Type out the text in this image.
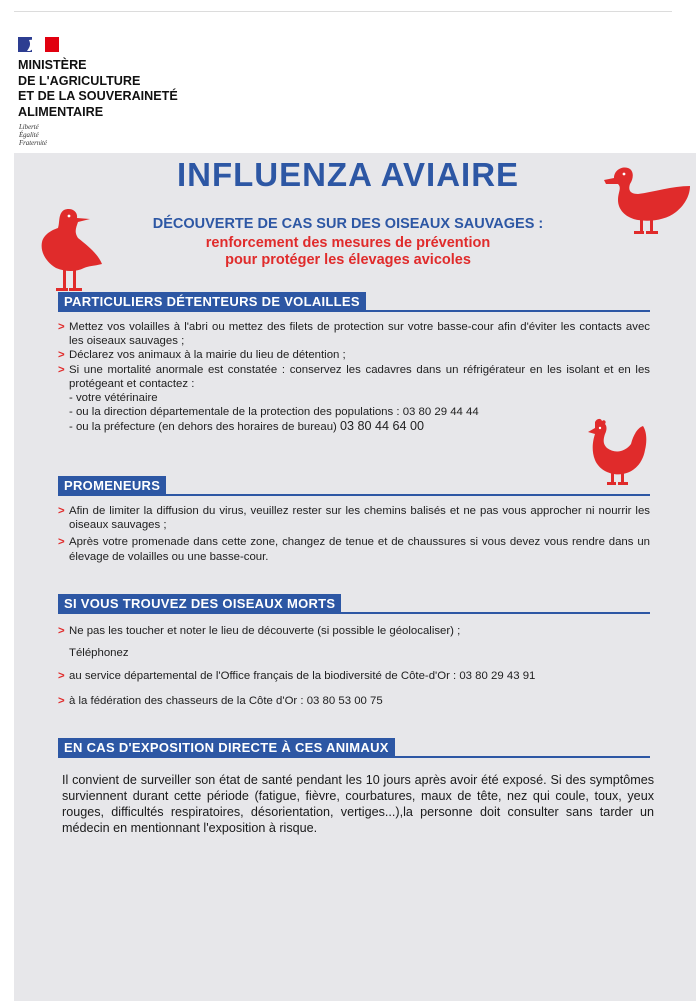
MINISTÈRE
DE L'AGRICULTURE
ET DE LA SOUVERAINETÉ
ALIMENTAIRE
Liberté
Égalité
Fraternité
INFLUENZA AVIAIRE
DÉCOUVERTE DE CAS SUR DES OISEAUX SAUVAGES :
renforcement des mesures de prévention
pour protéger les élevages avicoles
PARTICULIERS DÉTENTEURS DE VOLAILLES
> Mettez vos volailles à l'abri ou mettez des filets de protection sur votre basse-cour afin d'éviter les contacts avec les oiseaux sauvages ;
> Déclarez vos animaux à la mairie du lieu de détention ;
> Si une mortalité anormale est constatée : conservez les cadavres dans un réfrigérateur en les isolant et en les protégeant et contactez :
- votre vétérinaire
- ou la direction départementale de la protection des populations : 03 80 29 44 44
- ou la préfecture (en dehors des horaires de bureau) 03 80 44 64 00
PROMENEURS
> Afin de limiter la diffusion du virus, veuillez rester sur les chemins balisés et ne pas vous approcher ni nourrir les oiseaux sauvages ;
> Après votre promenade dans cette zone, changez de tenue et de chaussures si vous devez vous rendre dans un élevage de volailles ou une basse-cour.
SI VOUS TROUVEZ DES OISEAUX MORTS
> Ne pas les toucher et noter le lieu de découverte (si possible le géolocaliser) ;
Téléphonez
> au service départemental de l'Office français de la biodiversité de Côte-d'Or : 03 80 29 43 91
> à la fédération des chasseurs de la Côte d'Or : 03 80 53 00 75
EN CAS D'EXPOSITION DIRECTE À CES ANIMAUX
Il convient de surveiller son état de santé pendant les 10 jours après avoir été exposé. Si des symptômes surviennent durant cette période (fatigue, fièvre, courbatures, maux de tête, nez qui coule, toux, yeux rouges, difficultés respiratoires, désorientation, vertiges...),la personne doit consulter sans tarder un médecin en mentionnant l'exposition à risque.
